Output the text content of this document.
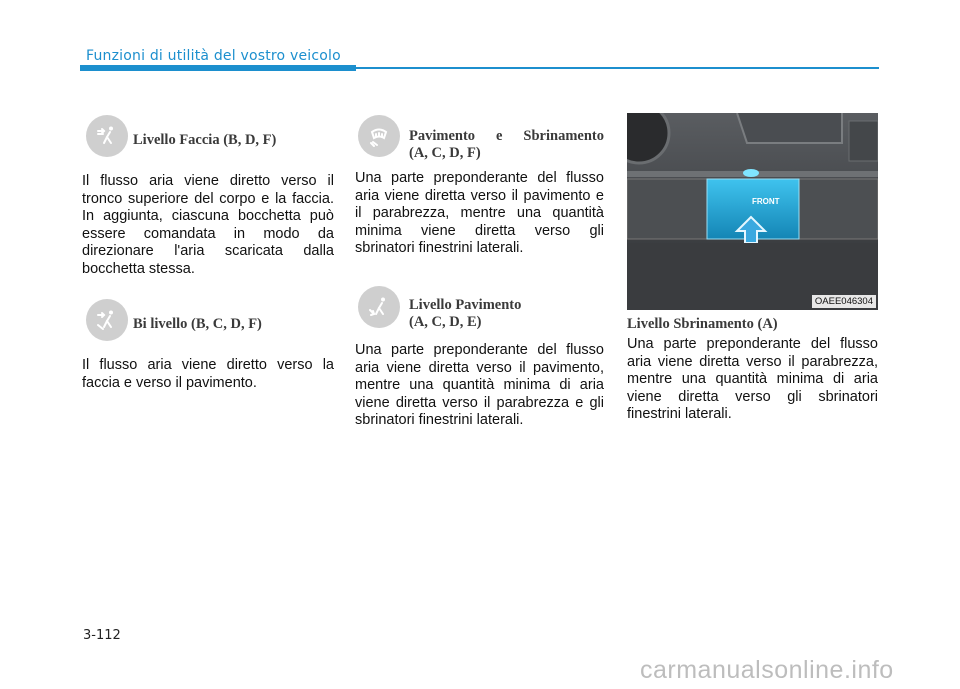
Funzioni di utilità del vostro veicolo
Livello Faccia (B, D, F)
Il flusso aria viene diretto verso il tronco superiore del corpo e la faccia. In aggiunta, ciascuna bocchetta può essere comandata in modo da direzionare l'aria scaricata dalla bocchetta stessa.
Bi livello (B, C, D, F)
Il flusso aria viene diretto verso la faccia e verso il pavimento.
Pavimento e Sbrinamento
(A, C, D, F)
Una parte preponderante del flusso aria viene diretta verso il pavimento e il parabrezza, mentre una quantità minima viene diretta verso gli sbrinatori finestrini laterali.
Livello Pavimento
(A, C, D, E)
Una parte preponderante del flusso aria viene diretta verso il pavimento, mentre una quantità minima di aria viene diretta verso il parabrezza e gli sbrinatori finestrini laterali.
FRONT
OAEE046304
Livello Sbrinamento (A)
Una parte preponderante del flusso aria viene diretta verso il parabrezza, mentre una quantità minima di aria viene diretta verso gli sbrinatori finestrini laterali.
3-112
carmanualsonline.info
